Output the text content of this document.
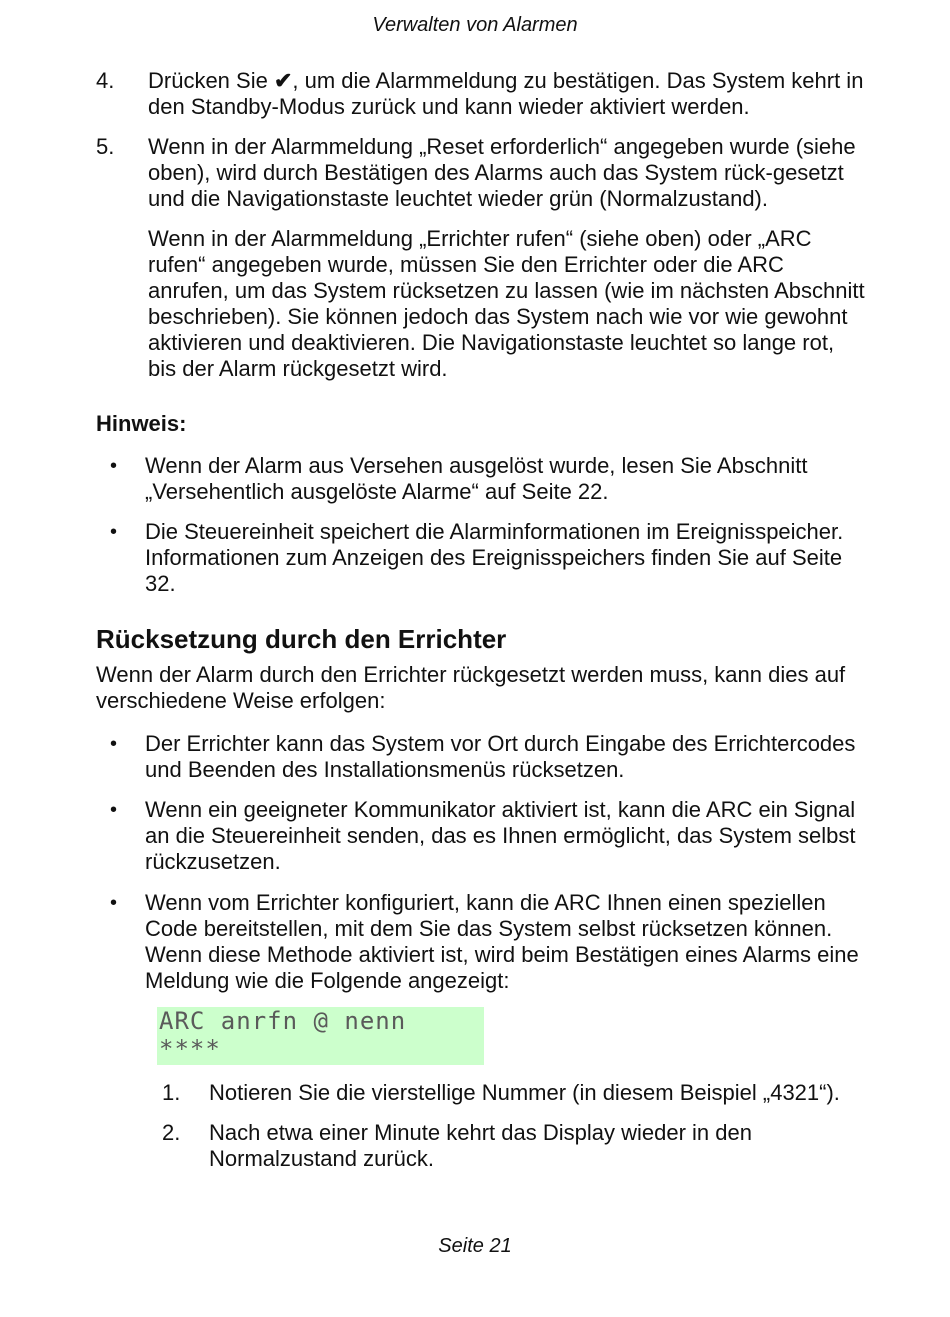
Verwalten von Alarmen
4. Drücken Sie ✔, um die Alarmmeldung zu bestätigen. Das System kehrt in den Standby-Modus zurück und kann wieder aktiviert werden.

5. Wenn in der Alarmmeldung „Reset erforderlich“ angegeben wurde (siehe oben), wird durch Bestätigen des Alarms auch das System rück-gesetzt und die Navigationstaste leuchtet wieder grün (Normalzustand).

Wenn in der Alarmmeldung „Errichter rufen“ (siehe oben) oder „ARC rufen“ angegeben wurde, müssen Sie den Errichter oder die ARC anrufen, um das System rücksetzen zu lassen (wie im nächsten Abschnitt beschrieben). Sie können jedoch das System nach wie vor wie gewohnt aktivieren und deaktivieren. Die Navigationstaste leuchtet so lange rot, bis der Alarm rückgesetzt wird.

Hinweis:
• Wenn der Alarm aus Versehen ausgelöst wurde, lesen Sie Abschnitt „Versehentlich ausgelöste Alarme“ auf Seite 22.

• Die Steuereinheit speichert die Alarminformationen im Ereignisspeicher. Informationen zum Anzeigen des Ereignisspeichers finden Sie auf Seite 32.

Rücksetzung durch den Errichter

Wenn der Alarm durch den Errichter rückgesetzt werden muss, kann dies auf verschiedene Weise erfolgen:

• Der Errichter kann das System vor Ort durch Eingabe des Errichtercodes und Beenden des Installationsmenüs rücksetzen.

• Wenn ein geeigneter Kommunikator aktiviert ist, kann die ARC ein Signal an die Steuereinheit senden, das es Ihnen ermöglicht, das System selbst rückzusetzen.

• Wenn vom Errichter konfiguriert, kann die ARC Ihnen einen speziellen Code bereitstellen, mit dem Sie das System selbst rücksetzen können. Wenn diese Methode aktiviert ist, wird beim Bestätigen eines Alarms eine Meldung wie die Folgende angezeigt:

ARC anrfn @ nenn
****
1. Notieren Sie die vierstellige Nummer (in diesem Beispiel „4321“).

2. Nach etwa einer Minute kehrt das Display wieder in den Normalzustand zurück.

Seite 21
